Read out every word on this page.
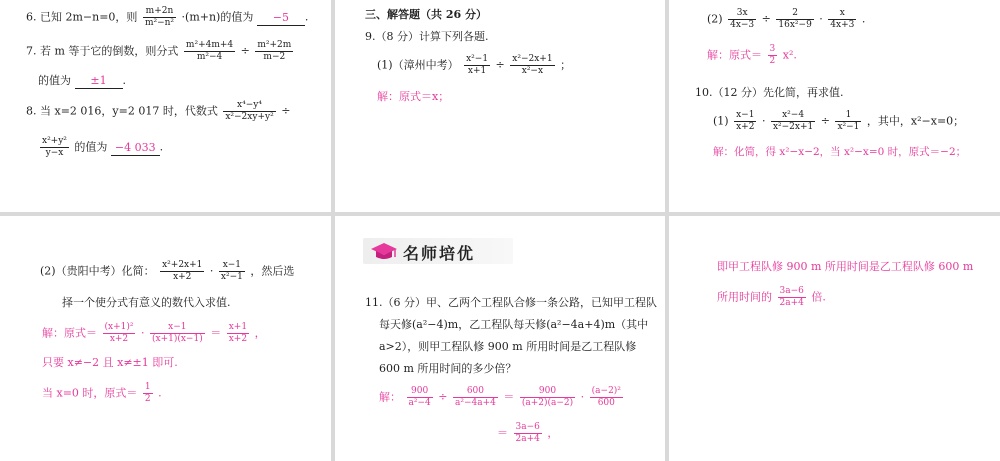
6. 已知 2m−n=0，则 $\frac{m+2n}{\text{m²−n²}} \cdot(m+n)$的值为 −5 .
7. 若 m 等于它的倒数，则分式 $\frac{\text{m²+4m+4}}{\text{m²−4}} \div \frac{\text{m²+2m}}{m-2}$
的值为 ±1 .
8. 当 x=2 016，y=2 017 时，代数式 $\frac{\text{x⁴−y⁴}}{\text{x²−2xy+y²}}$ ÷
$\frac{\text{x²+y²}}{y-x}$ 的值为 −4 033 .
三、解答题（共 26 分）
9.（8 分）计算下列各题.
(1)（漳州中考） $\frac{\text{x²−1}}{x+1} \div \frac{\text{x²−2x+1}}{\text{x²−x}}$ ；
解：原式＝x；
$(2) \frac{3x}{4x-3} \div \frac{2}{\text{16x²−9}} \cdot \frac{x}{4x+3}$ .
解：原式＝ $\frac{3}{2} x^2$.
10.（12 分）先化简，再求值.
$(1) \frac{x-1}{x+2} \cdot \frac{\text{x²−4}}{\text{x²−2x+1}} \div \frac{1}{\text{x²−1}}$ ，其中，x²−x=0；
解：化简，得 x²−x−2，当 x²−x=0 时，原式＝−2；
(2)（贵阳中考）化简： $\frac{\text{x²+2x+1}}{x+2} \cdot \frac{x-1}{\text{x²−1}}$ ，然后选
择一个使分式有意义的数代入求值.
解：原式＝ $\frac{\text{(x+1)²}}{x+2} \cdot \frac{x-1}{(x+1)(x-1)} = \frac{x+1}{x+2}$ ，
只要 x≠−2 且 x≠±1 即可.
当 x=0 时，原式＝ $\frac{1}{2}$ .
名师培优
11.（6 分）甲、乙两个工程队合修一条公路，已知甲工程队
每天修(a²−4)m，乙工程队每天修(a²−4a+4)m（其中
a>2），则甲工程队修 900 m 所用时间是乙工程队修
600 m 所用时间的多少倍？
解： $\frac{900}{\text{a²−4}} \div \frac{600}{\text{a²−4a+4}} = \frac{900}{(a+2)(a-2)} \cdot \frac{\text{(a−2)²}}{600}$
＝ $\frac{3a-6}{2a+4}$ ，
即甲工程队修 900 m 所用时间是乙工程队修 600 m
所用时间的 $\frac{3a-6}{2a+4}$ 倍.
